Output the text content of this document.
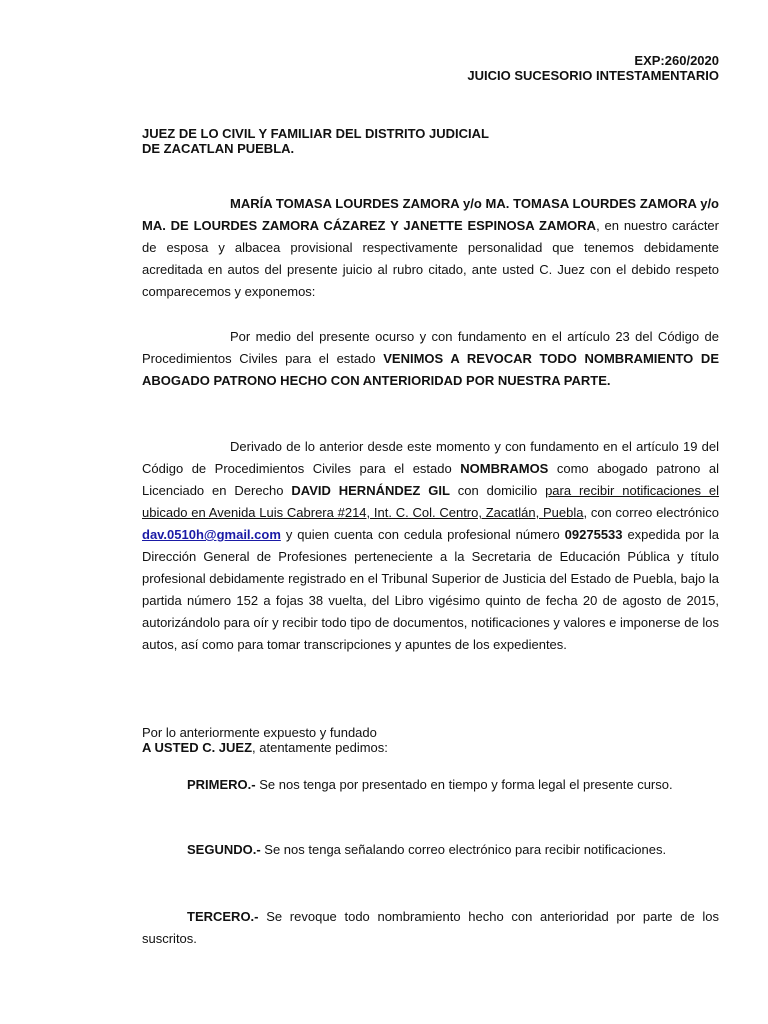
EXP:260/2020
JUICIO SUCESORIO INTESTAMENTARIO
JUEZ DE LO CIVIL Y FAMILIAR DEL DISTRITO JUDICIAL
DE ZACATLAN PUEBLA.
MARÍA TOMASA LOURDES ZAMORA y/o MA. TOMASA LOURDES ZAMORA y/o MA. DE LOURDES ZAMORA CÁZAREZ Y JANETTE ESPINOSA ZAMORA, en nuestro carácter de esposa y albacea provisional respectivamente personalidad que tenemos debidamente acreditada en autos del presente juicio al rubro citado, ante usted C. Juez con el debido respeto comparecemos y exponemos:
Por medio del presente ocurso y con fundamento en el artículo 23 del Código de Procedimientos Civiles para el estado VENIMOS A REVOCAR TODO NOMBRAMIENTO DE ABOGADO PATRONO HECHO CON ANTERIORIDAD POR NUESTRA PARTE.
Derivado de lo anterior desde este momento y con fundamento en el artículo 19 del Código de Procedimientos Civiles para el estado NOMBRAMOS como abogado patrono al Licenciado en Derecho DAVID HERNÁNDEZ GIL con domicilio para recibir notificaciones el ubicado en Avenida Luis Cabrera #214, Int. C. Col. Centro, Zacatlán, Puebla, con correo electrónico dav.0510h@gmail.com y quien cuenta con cedula profesional número 09275533 expedida por la Dirección General de Profesiones perteneciente a la Secretaria de Educación Pública y título profesional debidamente registrado en el Tribunal Superior de Justicia del Estado de Puebla, bajo la partida número 152 a fojas 38 vuelta, del Libro vigésimo quinto de fecha 20 de agosto de 2015, autorizándolo para oír y recibir todo tipo de documentos, notificaciones y valores e imponerse de los autos, así como para tomar transcripciones y apuntes de los expedientes.
Por lo anteriormente expuesto y fundado
A USTED C. JUEZ, atentamente pedimos:
PRIMERO.- Se nos tenga por presentado en tiempo y forma legal el presente curso.
SEGUNDO.- Se nos tenga señalando correo electrónico para recibir notificaciones.
TERCERO.- Se revoque todo nombramiento hecho con anterioridad por parte de los suscritos.
